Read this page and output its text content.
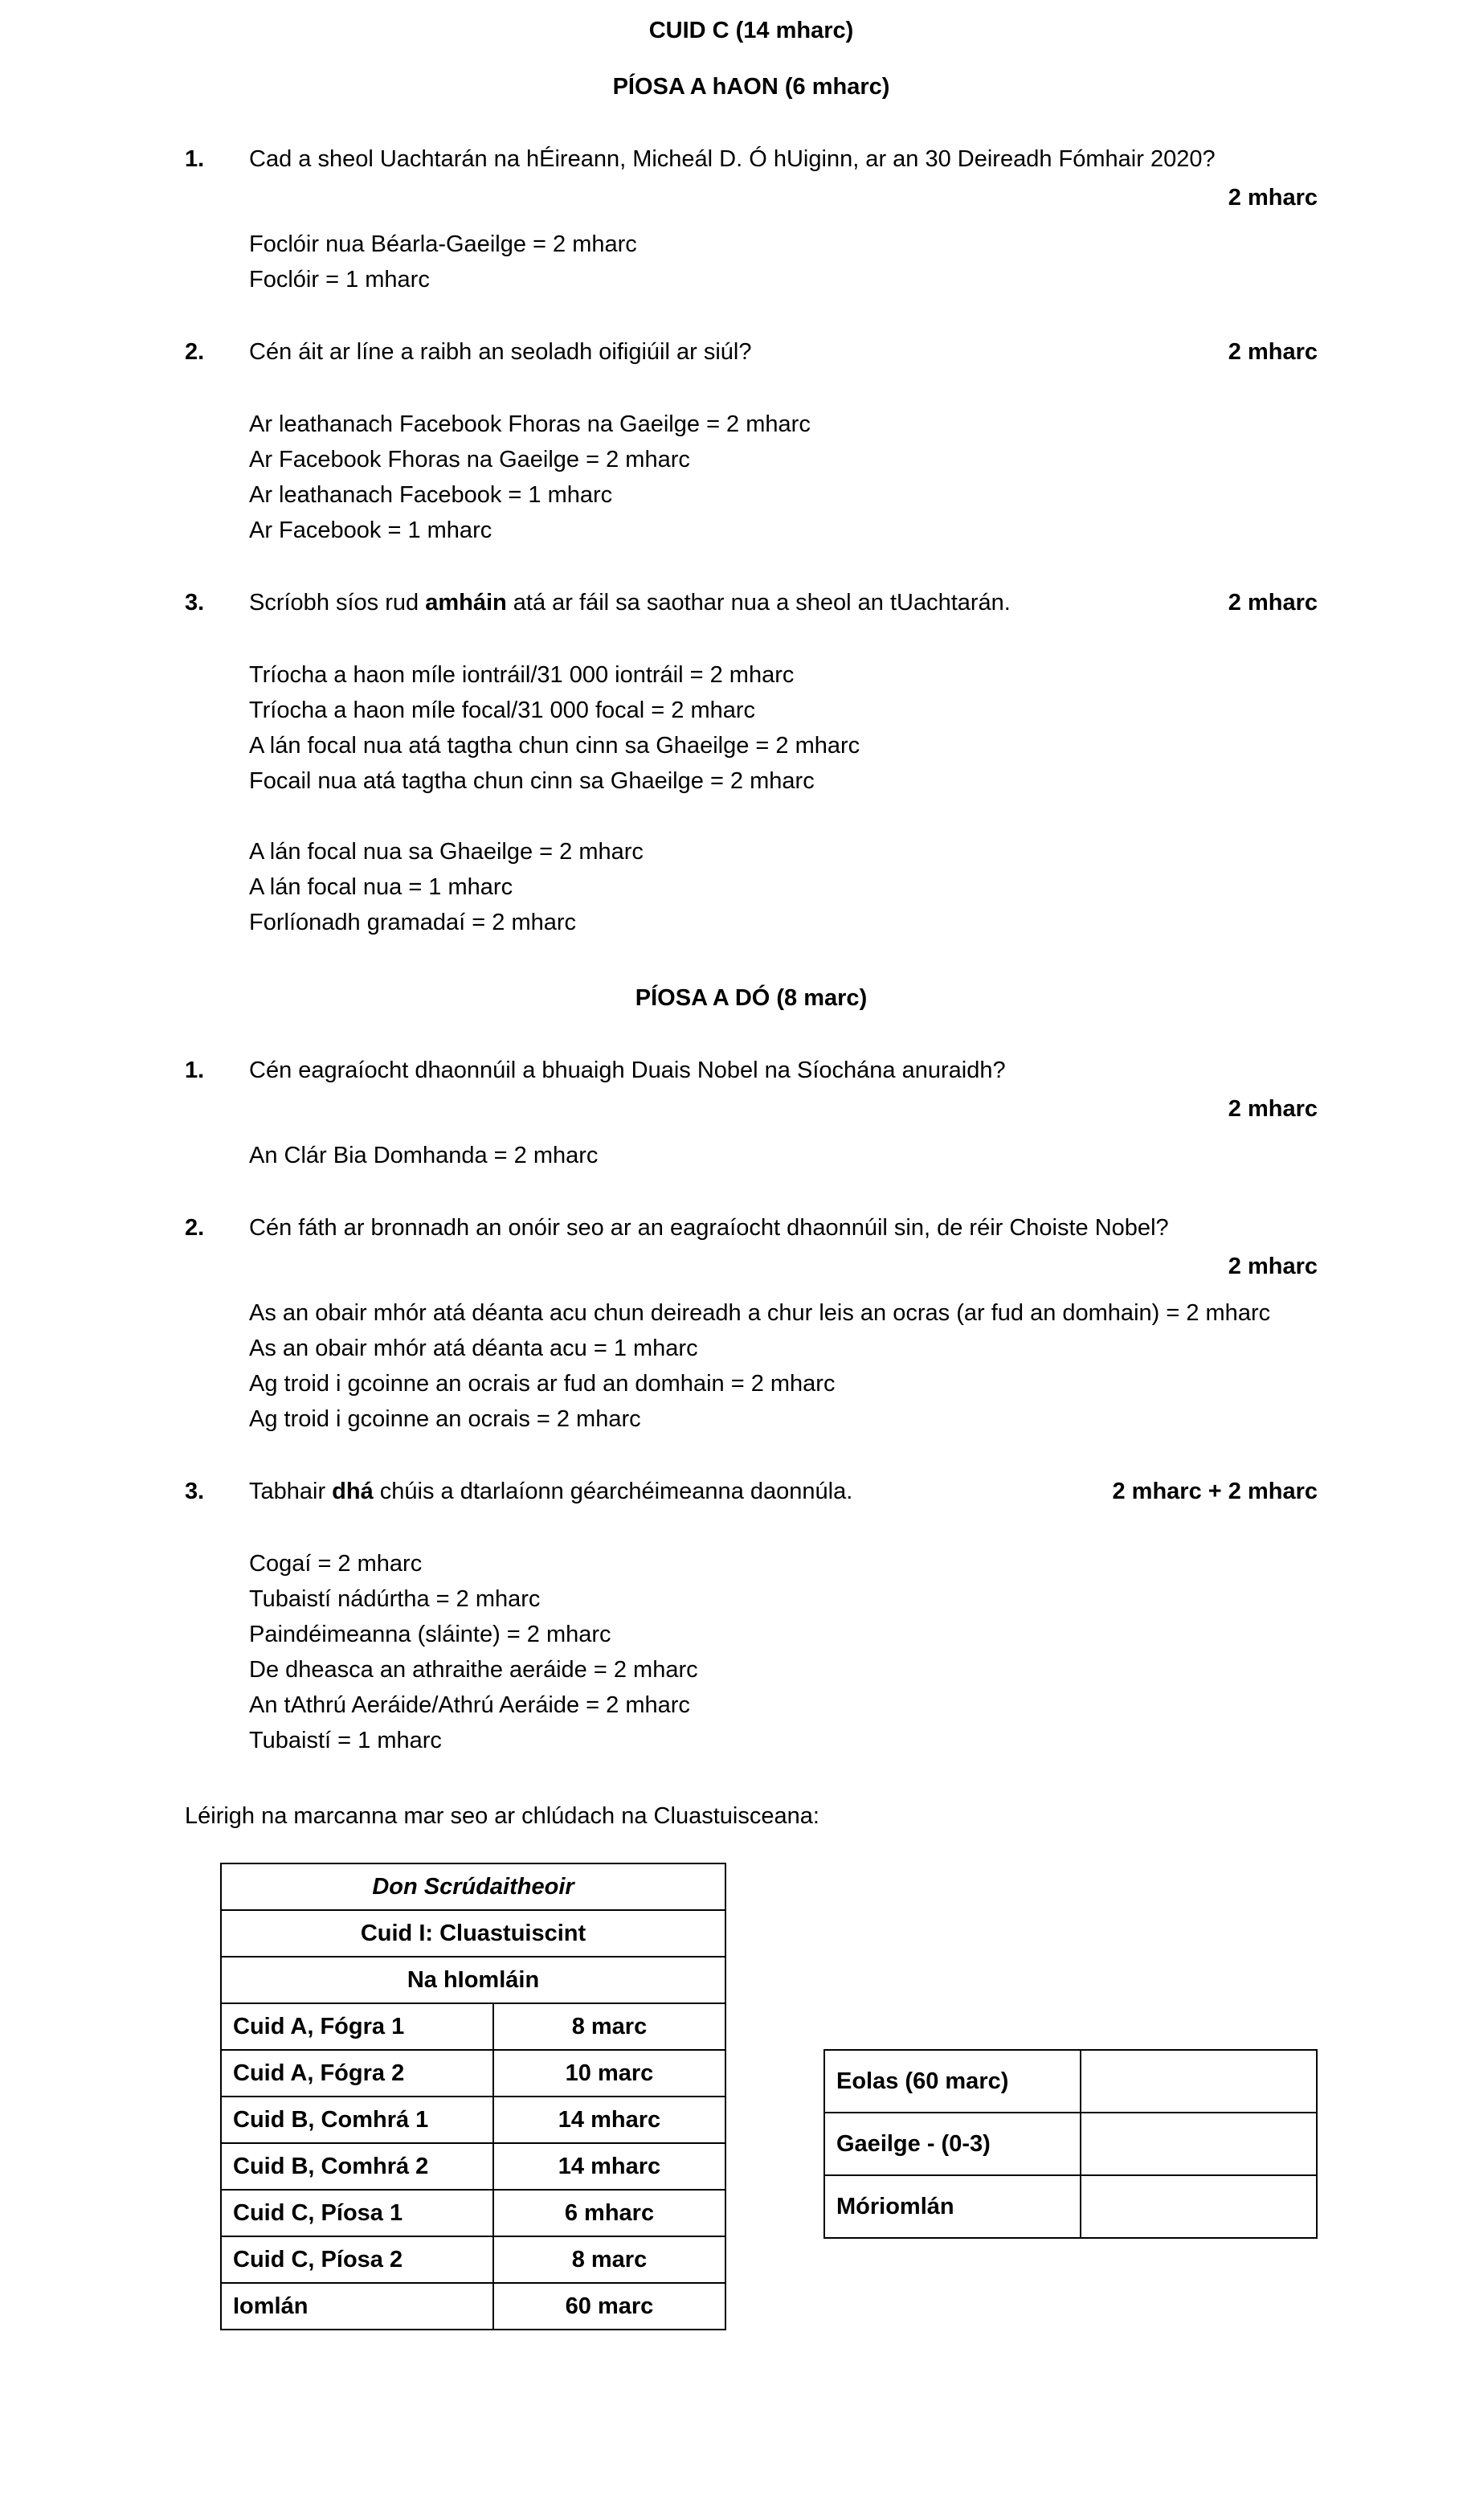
CUID C (14 mharc)
PÍOSA A hAON (6 mharc)
1.	Cad a sheol Uachtarán na hÉireann, Micheál D. Ó hUiginn, ar an 30 Deireadh Fómhair 2020?
2 mharc
Foclóir nua Béarla-Gaeilge = 2 mharc
Foclóir = 1 mharc
2.	Cén áit ar líne a raibh an seoladh oifigiúil ar siúl?	2 mharc
Ar leathanach Facebook Fhoras na Gaeilge = 2 mharc
Ar Facebook Fhoras na Gaeilge = 2 mharc
Ar leathanach Facebook = 1 mharc
Ar Facebook = 1 mharc
3.	Scríobh síos rud amháin atá ar fáil sa saothar nua a sheol an tUachtarán.	2 mharc
Tríocha a haon míle iontráil/31 000 iontráil = 2 mharc
Tríocha a haon míle focal/31 000 focal = 2 mharc
A lán focal nua atá tagtha chun cinn sa Ghaeilge = 2 mharc
Focail nua atá tagtha chun cinn sa Ghaeilge = 2 mharc
A lán focal nua sa Ghaeilge = 2 mharc
A lán focal nua = 1 mharc
Forlíonadh gramadaí = 2 mharc
PÍOSA A DÓ (8 marc)
1.	Cén eagraíocht dhaonnúil a bhuaigh Duais Nobel na Síochána anuraidh?
2 mharc
An Clár Bia Domhanda = 2 mharc
2.	Cén fáth ar bronnadh an onóir seo ar an eagraíocht dhaonnúil sin, de réir Choiste Nobel?
2 mharc
As an obair mhór atá déanta acu chun deireadh a chur leis an ocras (ar fud an domhain) = 2 mharc
As an obair mhór atá déanta acu = 1 mharc
Ag troid i gcoinne an ocrais ar fud an domhain = 2 mharc
Ag troid i gcoinne an ocrais = 2 mharc
3.	Tabhair dhá chúis a dtarlaíonn géarchéimeanna daonnúla.	2 mharc + 2 mharc
Cogaí = 2 mharc
Tubaistí nádúrtha = 2 mharc
Paindéimeanna (sláinte) = 2 mharc
De dheasca an athraithe aeráide = 2 mharc
An tAthrú Aeráide/Athrú Aeráide = 2 mharc
Tubaistí = 1 mharc
Léirigh na marcanna mar seo ar chlúdach na Cluastuisceana:
Don Scrúdaitheoir	
Cuid I: Cluastuiscint	
Na hIomláin	
Cuid A, Fógra 1	8 marc
Cuid A, Fógra 2	10 marc
Cuid B, Comhrá 1	14 mharc
Cuid B, Comhrá 2	14 mharc
Cuid C, Píosa 1	6 mharc
Cuid C, Píosa 2	8 marc
Iomlán	60 marc
Eolas (60 marc)	
Gaeilge - (0-3)	
Móriomlán	
